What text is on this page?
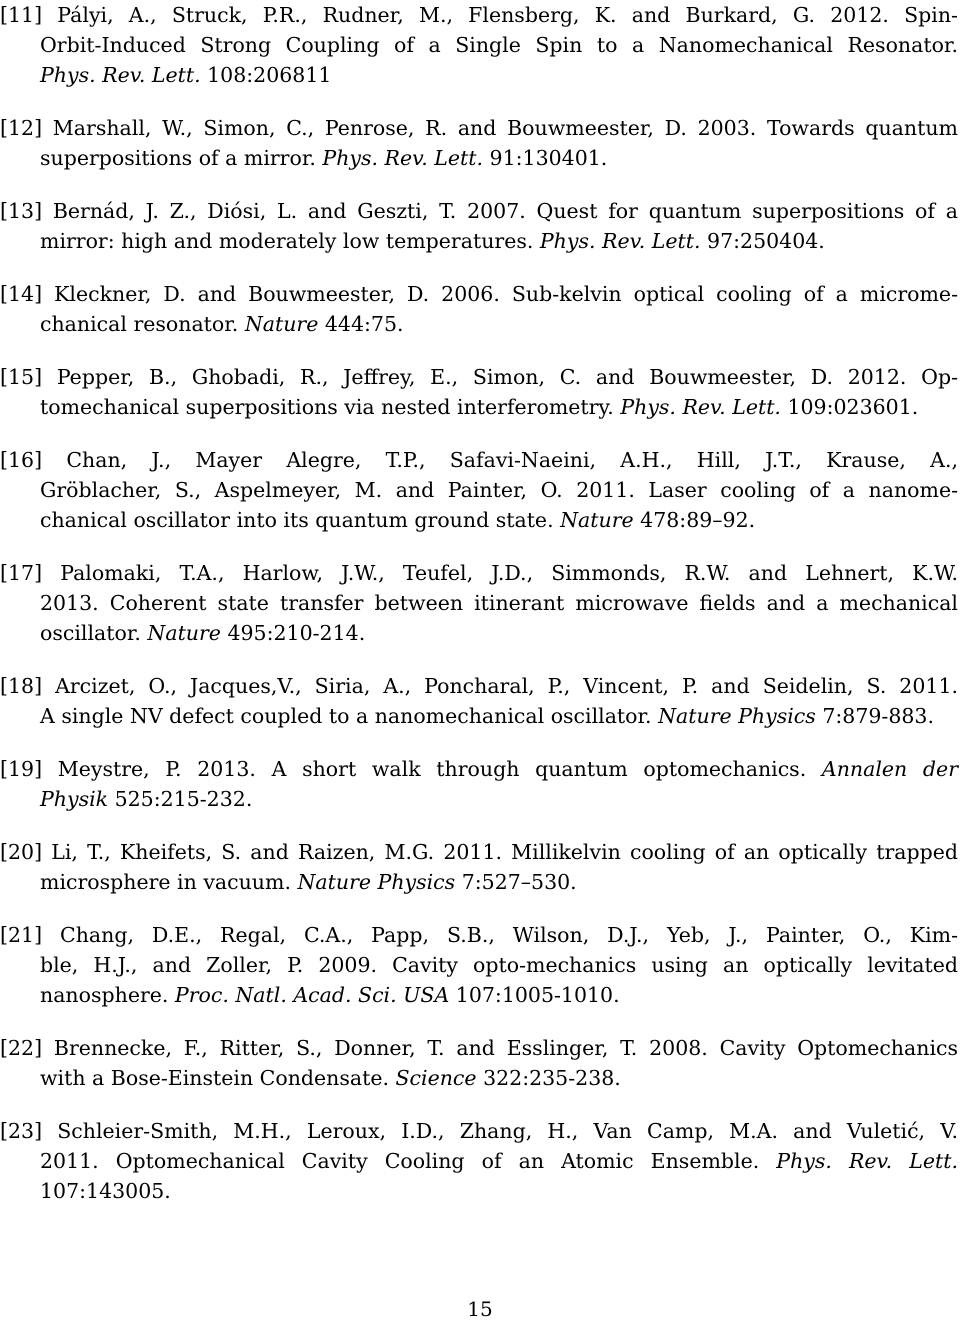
[11] Pályi, A., Struck, P.R., Rudner, M., Flensberg, K. and Burkard, G. 2012. Spin-
Orbit-Induced Strong Coupling of a Single Spin to a Nanomechanical Resonator.
Phys. Rev. Lett. 108:206811
[12] Marshall, W., Simon, C., Penrose, R. and Bouwmeester, D. 2003. Towards quantum
superpositions of a mirror. Phys. Rev. Lett. 91:130401.
[13] Bernád, J. Z., Diósi, L. and Geszti, T. 2007. Quest for quantum superpositions of a
mirror: high and moderately low temperatures. Phys. Rev. Lett. 97:250404.
[14] Kleckner, D. and Bouwmeester, D. 2006. Sub-kelvin optical cooling of a microme-
chanical resonator. Nature 444:75.
[15] Pepper, B., Ghobadi, R., Jeffrey, E., Simon, C. and Bouwmeester, D. 2012. Op-
tomechanical superpositions via nested interferometry. Phys. Rev. Lett. 109:023601.
[16] Chan, J., Mayer Alegre, T.P., Safavi-Naeini, A.H., Hill, J.T., Krause, A.,
Gröblacher, S., Aspelmeyer, M. and Painter, O. 2011. Laser cooling of a nanome-
chanical oscillator into its quantum ground state. Nature 478:89–92.
[17] Palomaki, T.A., Harlow, J.W., Teufel, J.D., Simmonds, R.W. and Lehnert, K.W.
2013. Coherent state transfer between itinerant microwave fields and a mechanical
oscillator. Nature 495:210-214.
[18] Arcizet, O., Jacques,V., Siria, A., Poncharal, P., Vincent, P. and Seidelin, S. 2011.
A single NV defect coupled to a nanomechanical oscillator. Nature Physics 7:879-883.
[19] Meystre, P. 2013. A short walk through quantum optomechanics. Annalen der
Physik 525:215-232.
[20] Li, T., Kheifets, S. and Raizen, M.G. 2011. Millikelvin cooling of an optically trapped
microsphere in vacuum. Nature Physics 7:527–530.
[21] Chang, D.E., Regal, C.A., Papp, S.B., Wilson, D.J., Yeb, J., Painter, O., Kim-
ble, H.J., and Zoller, P. 2009. Cavity opto-mechanics using an optically levitated
nanosphere. Proc. Natl. Acad. Sci. USA 107:1005-1010.
[22] Brennecke, F., Ritter, S., Donner, T. and Esslinger, T. 2008. Cavity Optomechanics
with a Bose-Einstein Condensate. Science 322:235-238.
[23] Schleier-Smith, M.H., Leroux, I.D., Zhang, H., Van Camp, M.A. and Vuletić, V.
2011. Optomechanical Cavity Cooling of an Atomic Ensemble. Phys. Rev. Lett.
107:143005.
15
